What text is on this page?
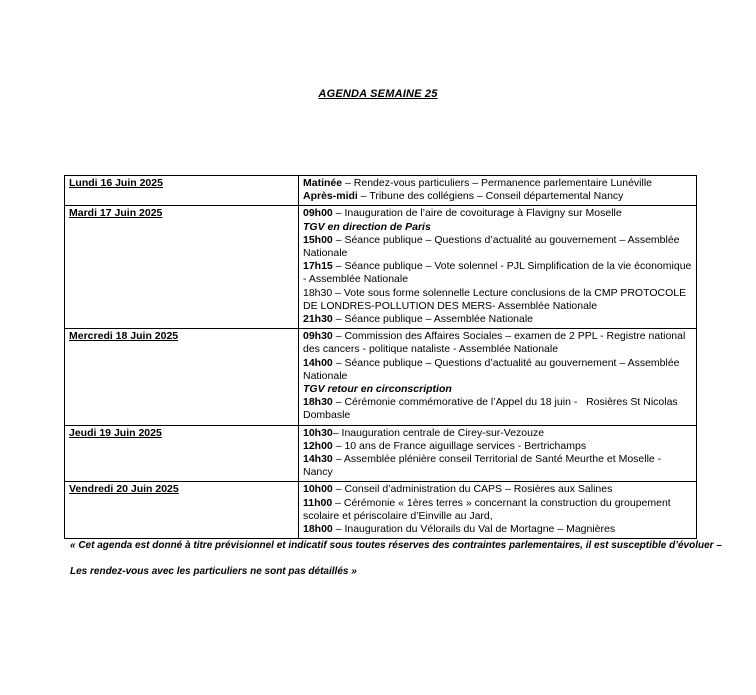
AGENDA SEMAINE 25
Lundi 16 Juin 2025	Matinée – Rendez-vous particuliers – Permanence parlementaire Lunéville
Après-midi – Tribune des collégiens – Conseil départemental Nancy

Mardi 17 Juin 2025	09h00 – Inauguration de l’aire de covoiturage à Flavigny sur Moselle
TGV en direction de Paris
15h00 – Séance publique – Questions d’actualité au gouvernement – Assemblée Nationale
17h15 – Séance publique – Vote solennel - PJL Simplification de la vie économique - Assemblée Nationale
18h30 – Vote sous forme solennelle Lecture conclusions de la CMP PROTOCOLE DE LONDRES-POLLUTION DES MERS- Assemblée Nationale
21h30 – Séance publique – Assemblée Nationale

Mercredi 18 Juin 2025	09h30 – Commission des Affaires Sociales – examen de 2 PPL - Registre national des cancers - politique nataliste - Assemblée Nationale
14h00 – Séance publique – Questions d’actualité au gouvernement – Assemblée Nationale
TGV retour en circonscription
18h30 – Cérémonie commémorative de l’Appel du 18 juin -   Rosières St Nicolas Dombasle

Jeudi 19 Juin 2025	10h30– Inauguration centrale de Cirey-sur-Vezouze
12h00 – 10 ans de France aiguillage services - Bertrichamps
14h30 – Assemblée plénière conseil Territorial de Santé Meurthe et Moselle - Nancy

Vendredi 20 Juin 2025	10h00 – Conseil d’administration du CAPS – Rosières aux Salines
11h00 – Cérémonie « 1ères terres » concernant la construction du groupement scolaire et périscolaire d’Einville au Jard,
18h00 – Inauguration du Vélorails du Val de Mortagne – Magnières
« Cet agenda est donné à titre prévisionnel et indicatif sous toutes réserves des contraintes parlementaires, il est susceptible d’évoluer –
Les rendez-vous avec les particuliers ne sont pas détaillés »
